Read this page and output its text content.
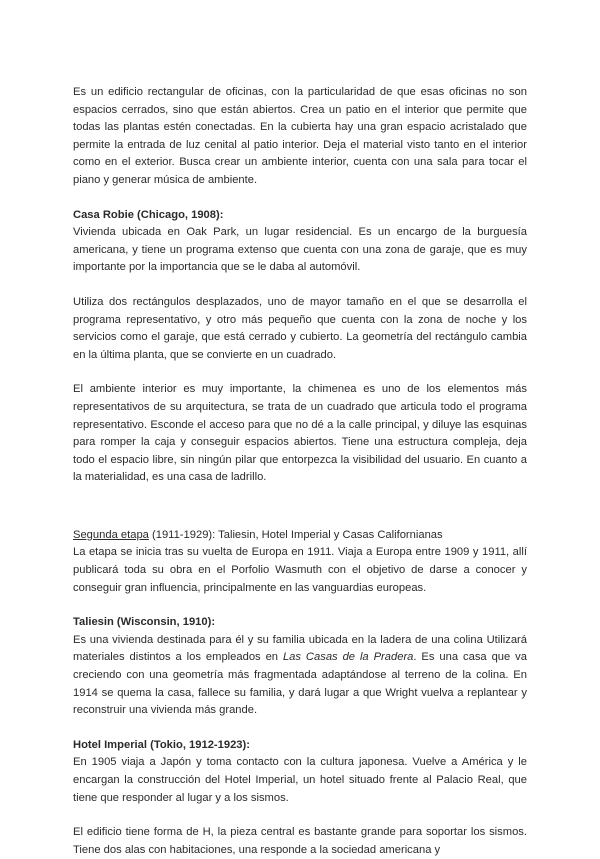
Es un edificio rectangular de oficinas, con la particularidad de que esas oficinas no son espacios cerrados, sino que están abiertos. Crea un patio en el interior que permite que todas las plantas estén conectadas. En la cubierta hay una gran espacio acristalado que permite la entrada de luz cenital al patio interior. Deja el material visto tanto en el interior como en el exterior. Busca crear un ambiente interior, cuenta con una sala para tocar el piano y generar música de ambiente.

Casa Robie (Chicago, 1908):

Vivienda ubicada en Oak Park, un lugar residencial. Es un encargo de la burguesía americana, y tiene un programa extenso que cuenta con una zona de garaje, que es muy importante por la importancia que se le daba al automóvil.

Utiliza dos rectángulos desplazados, uno de mayor tamaño en el que se desarrolla el programa representativo, y otro más pequeño que cuenta con la zona de noche y los servicios como el garaje, que está cerrado y cubierto. La geometría del rectángulo cambia en la última planta, que se convierte en un cuadrado.

El ambiente interior es muy importante, la chimenea es uno de los elementos más representativos de su arquitectura, se trata de un cuadrado que articula todo el programa representativo. Esconde el acceso para que no dé a la calle principal, y diluye las esquinas para romper la caja y conseguir espacios abiertos. Tiene una estructura compleja, deja todo el espacio libre, sin ningún pilar que entorpezca la visibilidad del usuario. En cuanto a la materialidad, es una casa de ladrillo.

Segunda etapa (1911-1929): Taliesin, Hotel Imperial y Casas Californianas

La etapa se inicia tras su vuelta de Europa en 1911. Viaja a Europa entre 1909 y 1911, allí publicará toda su obra en el Porfolio Wasmuth con el objetivo de darse a conocer y conseguir gran influencia, principalmente en las vanguardias europeas.

Taliesin (Wisconsin, 1910):

Es una vivienda destinada para él y su familia ubicada en la ladera de una colina Utilizará materiales distintos a los empleados en Las Casas de la Pradera. Es una casa que va creciendo con una geometría más fragmentada adaptándose al terreno de la colina. En 1914 se quema la casa, fallece su familia, y dará lugar a que Wright vuelva a replantear y reconstruir una vivienda más grande.

Hotel Imperial (Tokio, 1912-1923):

En 1905 viaja a Japón y toma contacto con la cultura japonesa. Vuelve a América y le encargan la construcción del Hotel Imperial, un hotel situado frente al Palacio Real, que tiene que responder al lugar y a los sismos.

El edificio tiene forma de H, la pieza central es bastante grande para soportar los sismos. Tiene dos alas con habitaciones, una responde a la sociedad americana y
